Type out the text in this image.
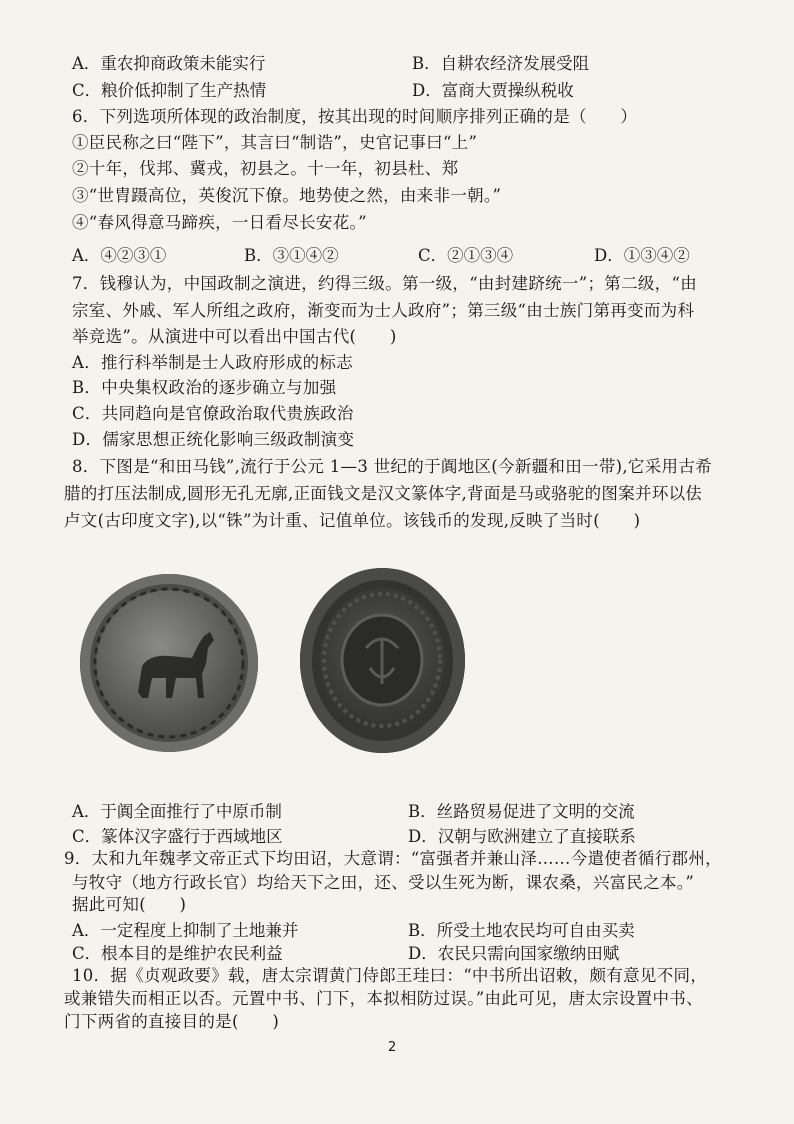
A．重农抑商政策未能实行	B．自耕农经济发展受阻
C．粮价低抑制了生产热情	D．富商大贾操纵税收
6．下列选项所体现的政治制度，按其出现的时间顺序排列正确的是（　　）
①臣民称之曰“陛下”，其言曰“制诰”，史官记事曰“上”
②十年，伐邦、冀戎，初县之。十一年，初县杜、郑
③“世胄蹑高位，英俊沉下僚。地势使之然，由来非一朝。”
④“春风得意马蹄疾，一日看尽长安花。”
A．④②③①	B．③①④②	C．②①③④	D．①③④②
7．钱穆认为，中国政制之演进，约得三级。第一级，“由封建跻统一”；第二级，“由
宗室、外戚、军人所组之政府，渐变而为士人政府”；第三级“由士族门第再变而为科
举竞选”。从演进中可以看出中国古代(　　)
A．推行科举制是士人政府形成的标志
B．中央集权政治的逐步确立与加强
C．共同趋向是官僚政治取代贵族政治
D．儒家思想正统化影响三级政制演变
8．下图是“和田马钱”,流行于公元 1—3 世纪的于阗地区(今新疆和田一带),它采用古希
腊的打压法制成,圆形无孔无廓,正面钱文是汉文篆体字,背面是马或骆驼的图案并环以佉
卢文(古印度文字),以“铢”为计重、记值单位。该钱币的发现,反映了当时(　　)
A．于阗全面推行了中原币制	B．丝路贸易促进了文明的交流
C．篆体汉字盛行于西域地区	D．汉朝与欧洲建立了直接联系
9．太和九年魏孝文帝正式下均田诏，大意谓：“富强者并兼山泽……今遣使者循行郡州，
与牧守（地方行政长官）均给天下之田，还、受以生死为断，课农桑，兴富民之本。”
据此可知(　　)
A．一定程度上抑制了土地兼并	B．所受土地农民均可自由买卖
C．根本目的是维护农民利益	D．农民只需向国家缴纳田赋
10．据《贞观政要》载，唐太宗谓黄门侍郎王珪曰：“中书所出诏敕，颇有意见不同，
或兼错失而相正以否。元置中书、门下，本拟相防过误。”由此可见，唐太宗设置中书、
门下两省的直接目的是(　　)
2
